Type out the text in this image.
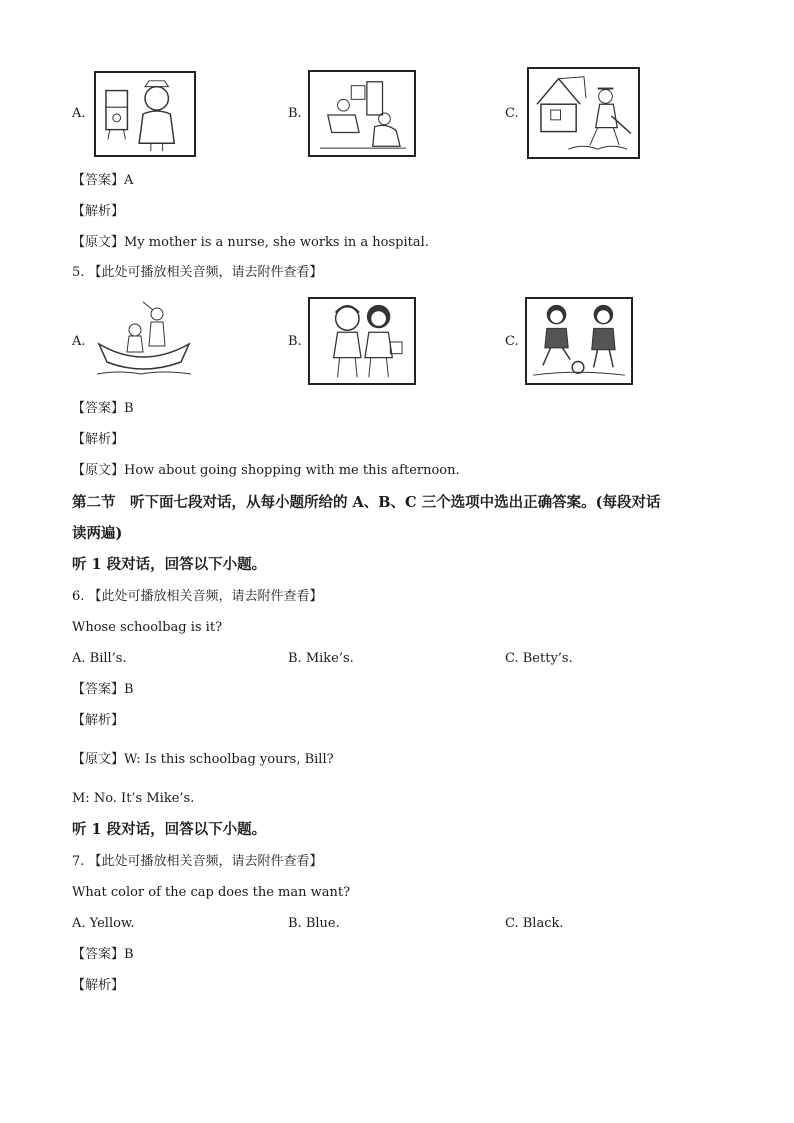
A.	B.	C.
【答案】A
【解析】
【原文】My mother is a nurse, she works in a hospital.
5. 【此处可播放相关音频，请去附件查看】
A.	B.	C.
【答案】B
【解析】
【原文】How about going shopping with me this afternoon.
第二节　听下面七段对话，从每小题所给的 A、B、C 三个选项中选出正确答案。(每段对话
读两遍)
听 1 段对话，回答以下小题。
6. 【此处可播放相关音频，请去附件查看】
Whose schoolbag is it?
A. Bill’s.	B. Mike’s.	C. Betty’s.
【答案】B
【解析】
【原文】W: Is this schoolbag yours, Bill?
M: No. It’s Mike’s.
听 1 段对话，回答以下小题。
7. 【此处可播放相关音频，请去附件查看】
What color of the cap does the man want?
A. Yellow.	B. Blue.	C. Black.
【答案】B
【解析】
